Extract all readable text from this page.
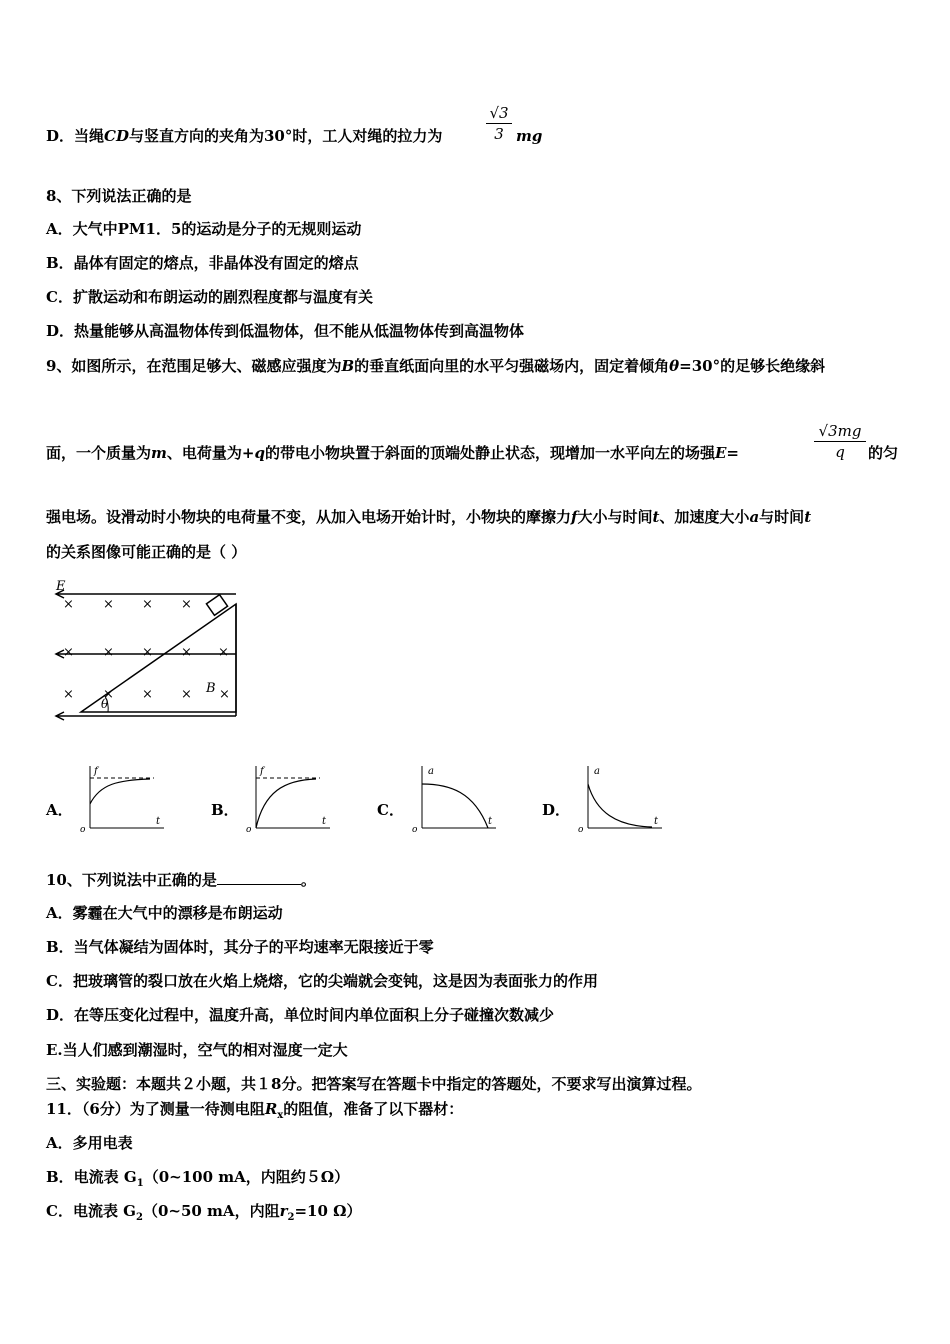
D．当绳CD与竖直方向的夹角为30°时，工人对绳的拉力为
√3
3 mg
8、下列说法正确的是
A．大气中PM1．5的运动是分子的无规则运动
B．晶体有固定的熔点，非晶体没有固定的熔点
C．扩散运动和布朗运动的剧烈程度都与温度有关
D．热量能够从高温物体传到低温物体，但不能从低温物体传到高温物体
9、如图所示，在范围足够大、磁感应强度为B的垂直纸面向里的水平匀强磁场内，固定着倾角θ=30°的足够长绝缘斜
面，一个质量为m、电荷量为+q的带电小物块置于斜面的顶端处静止状态，现增加一水平向左的场强E=
√3mg
q	的匀
强电场。设滑动时小物块的电荷量不变，从加入电场开始计时，小物块的摩擦力f大小与时间t、加速度大小a与时间t
的关系图像可能正确的是（ ）
E
θ
B
× × × ×
× × × × ×
× × × × ×
A．
f
t
o
B．
f
t
o
C．
a
t
o
D．
a
t
o
10、下列说法中正确的是	。
A．雾霾在大气中的漂移是布朗运动
B．当气体凝结为固体时，其分子的平均速率无限接近于零
C．把玻璃管的裂口放在火焰上烧熔，它的尖端就会变钝，这是因为表面张力的作用
D．在等压变化过程中，温度升高，单位时间内单位面积上分子碰撞次数减少
E.当人们感到潮湿时，空气的相对湿度一定大
三、实验题：本题共２小题，共１8分。把答案写在答题卡中指定的答题处，不要求写出演算过程。
11．（6分）为了测量一待测电阻$R_x$的阻值，准备了以下器材：
A．多用电表
B．电流表 $G_1(0\sim 100$ mA，内阻约５Ω）
C．电流表 $G_2(0\sim 50$ mA，内阻$r_2=10$ Ω）
